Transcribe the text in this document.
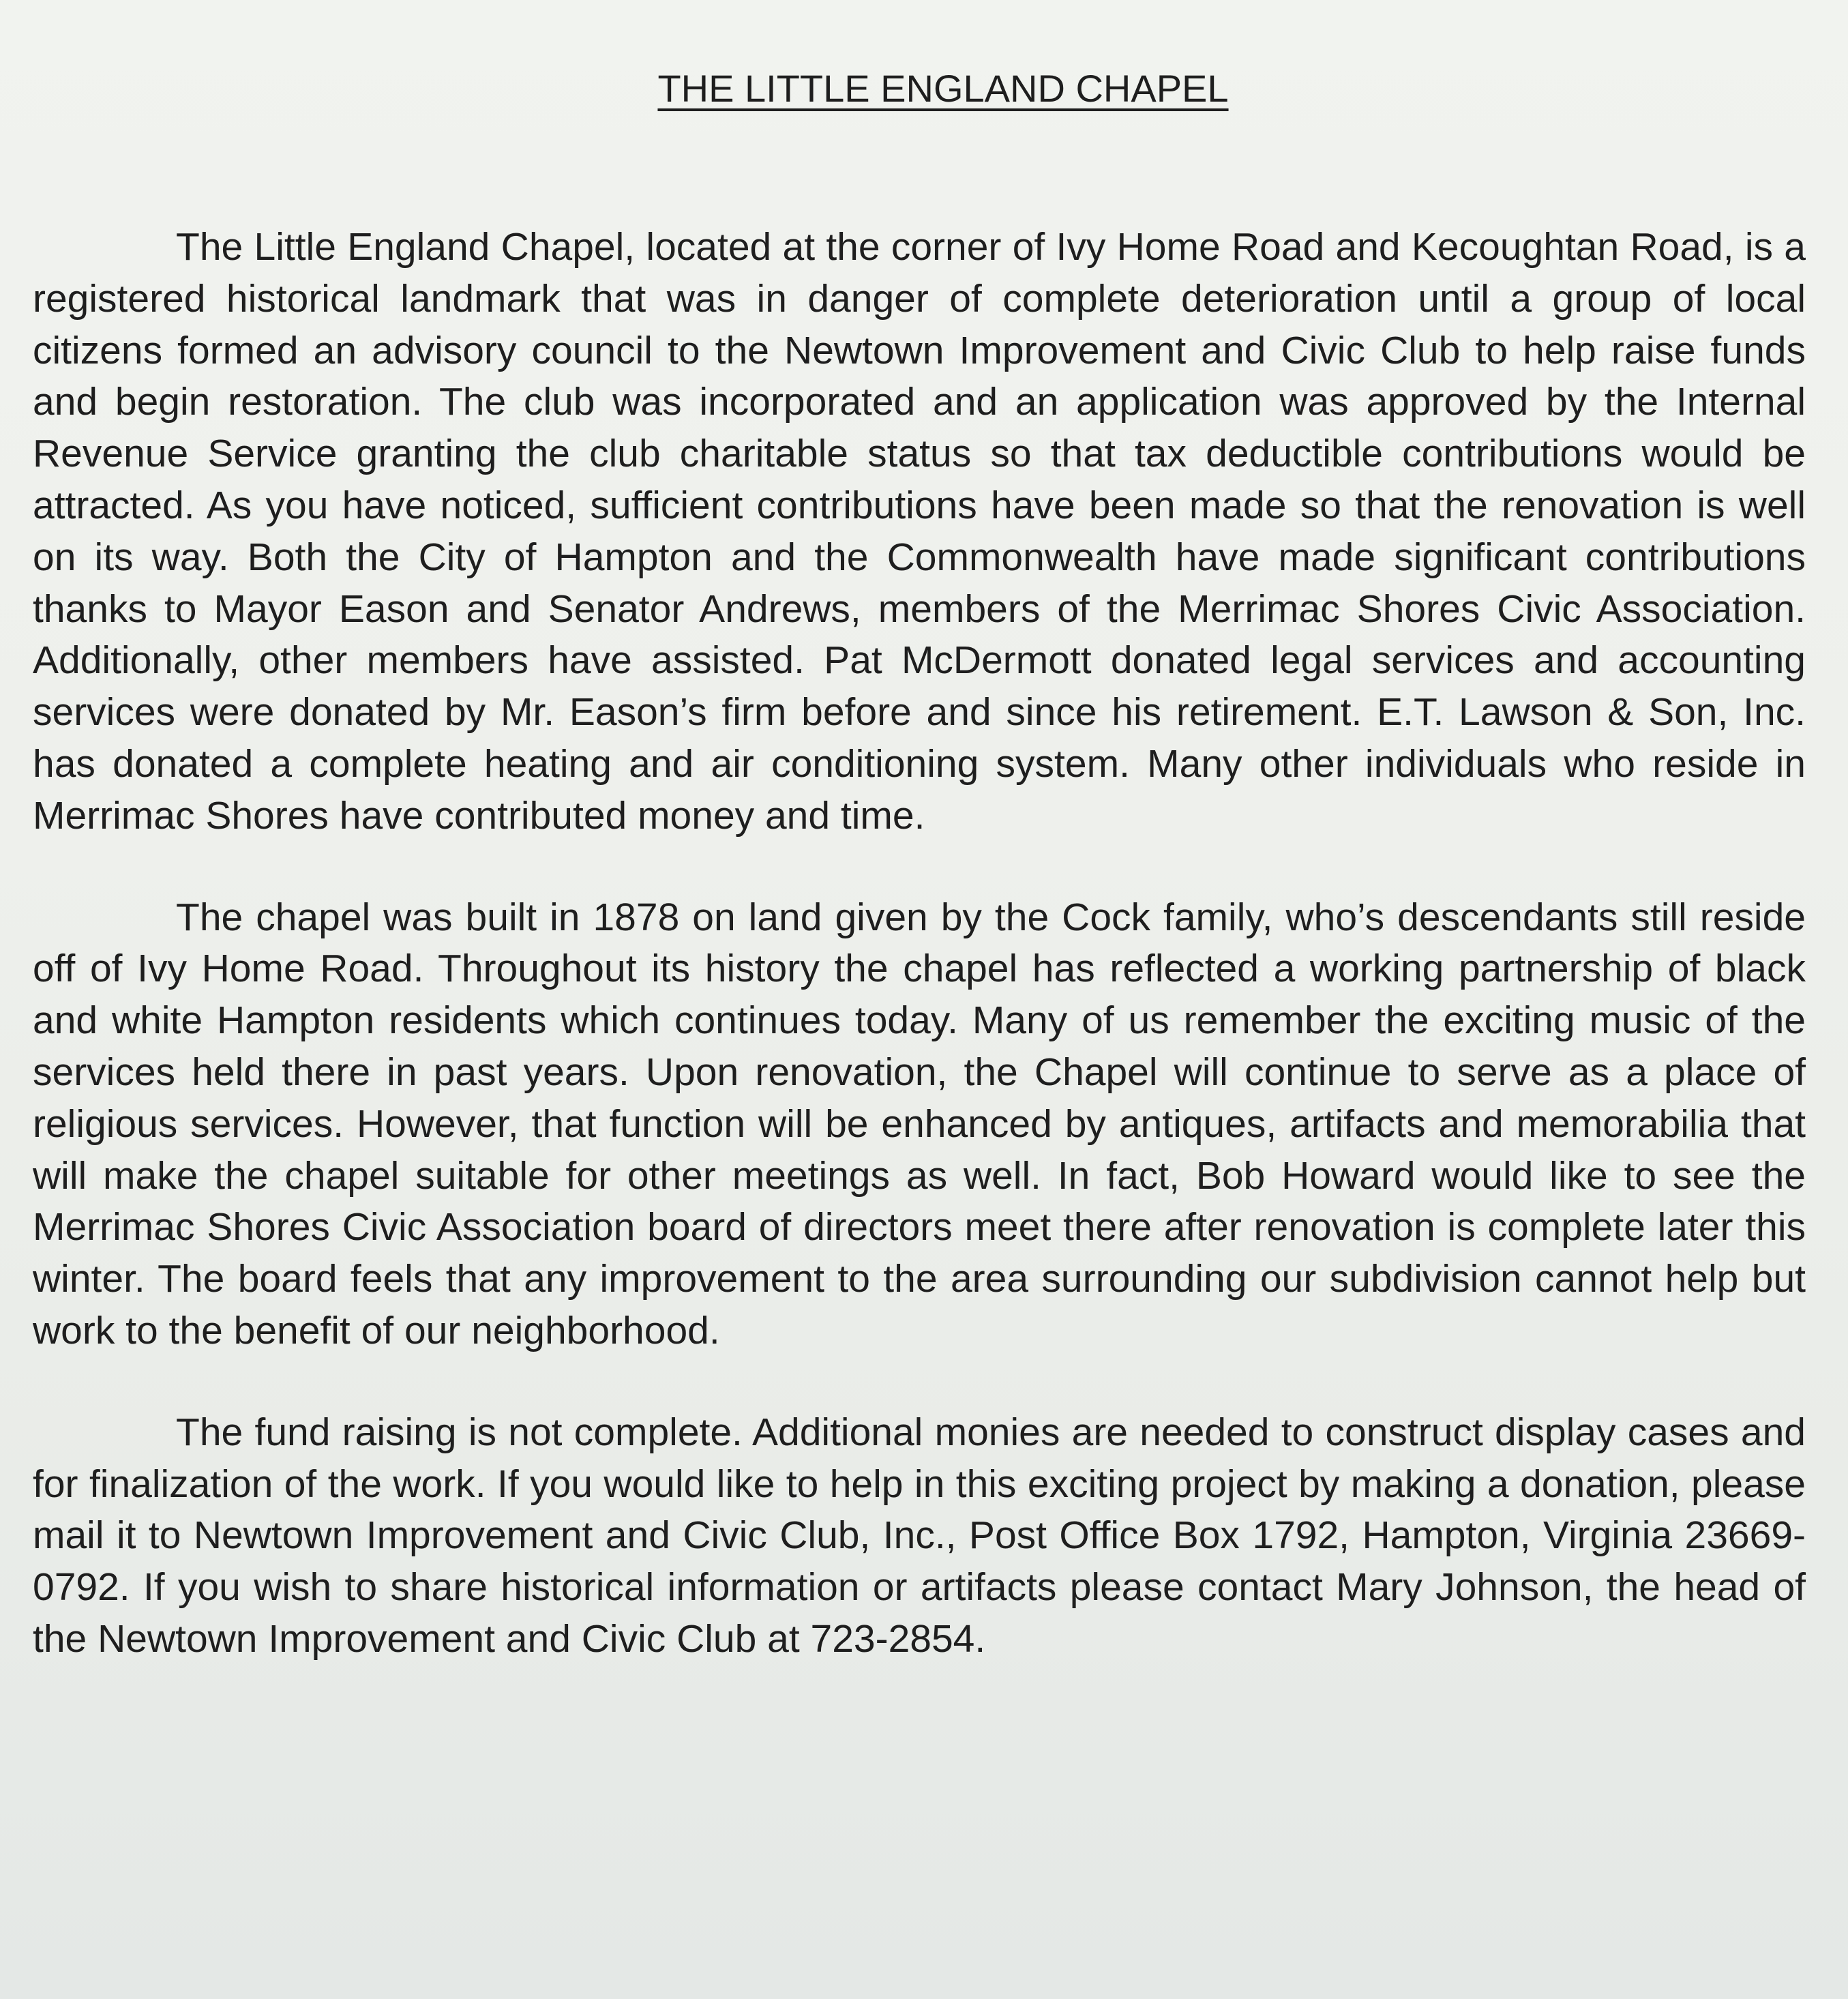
THE LITTLE ENGLAND CHAPEL

The Little England Chapel, located at the corner of Ivy Home Road and Kecoughtan Road, is a registered historical landmark that was in danger of complete deterioration until a group of local citizens formed an advisory council to the Newtown Improvement and Civic Club to help raise funds and begin restoration. The club was incorporated and an application was approved by the Internal Revenue Service granting the club charitable status so that tax deductible contributions would be attracted. As you have noticed, sufficient contributions have been made so that the renovation is well on its way. Both the City of Hampton and the Commonwealth have made significant contributions thanks to Mayor Eason and Senator Andrews, members of the Merrimac Shores Civic Association. Additionally, other members have assisted. Pat McDermott donated legal services and accounting services were donated by Mr. Eason’s firm before and since his retirement. E.T. Lawson & Son, Inc. has donated a complete heating and air conditioning system. Many other individuals who reside in Merrimac Shores have contributed money and time.

The chapel was built in 1878 on land given by the Cock family, who’s descendants still reside off of Ivy Home Road. Throughout its history the chapel has reflected a working partnership of black and white Hampton residents which continues today. Many of us remember the exciting music of the services held there in past years. Upon renovation, the Chapel will continue to serve as a place of religious services. However, that function will be enhanced by antiques, artifacts and memorabilia that will make the chapel suitable for other meetings as well. In fact, Bob Howard would like to see the Merrimac Shores Civic Association board of directors meet there after renovation is complete later this winter. The board feels that any improvement to the area surrounding our subdivision cannot help but work to the benefit of our neighborhood.

The fund raising is not complete. Additional monies are needed to construct display cases and for finalization of the work. If you would like to help in this exciting project by making a donation, please mail it to Newtown Improvement and Civic Club, Inc., Post Office Box 1792, Hampton, Virginia 23669-0792. If you wish to share historical information or artifacts please contact Mary Johnson, the head of the Newtown Improvement and Civic Club at 723-2854.
